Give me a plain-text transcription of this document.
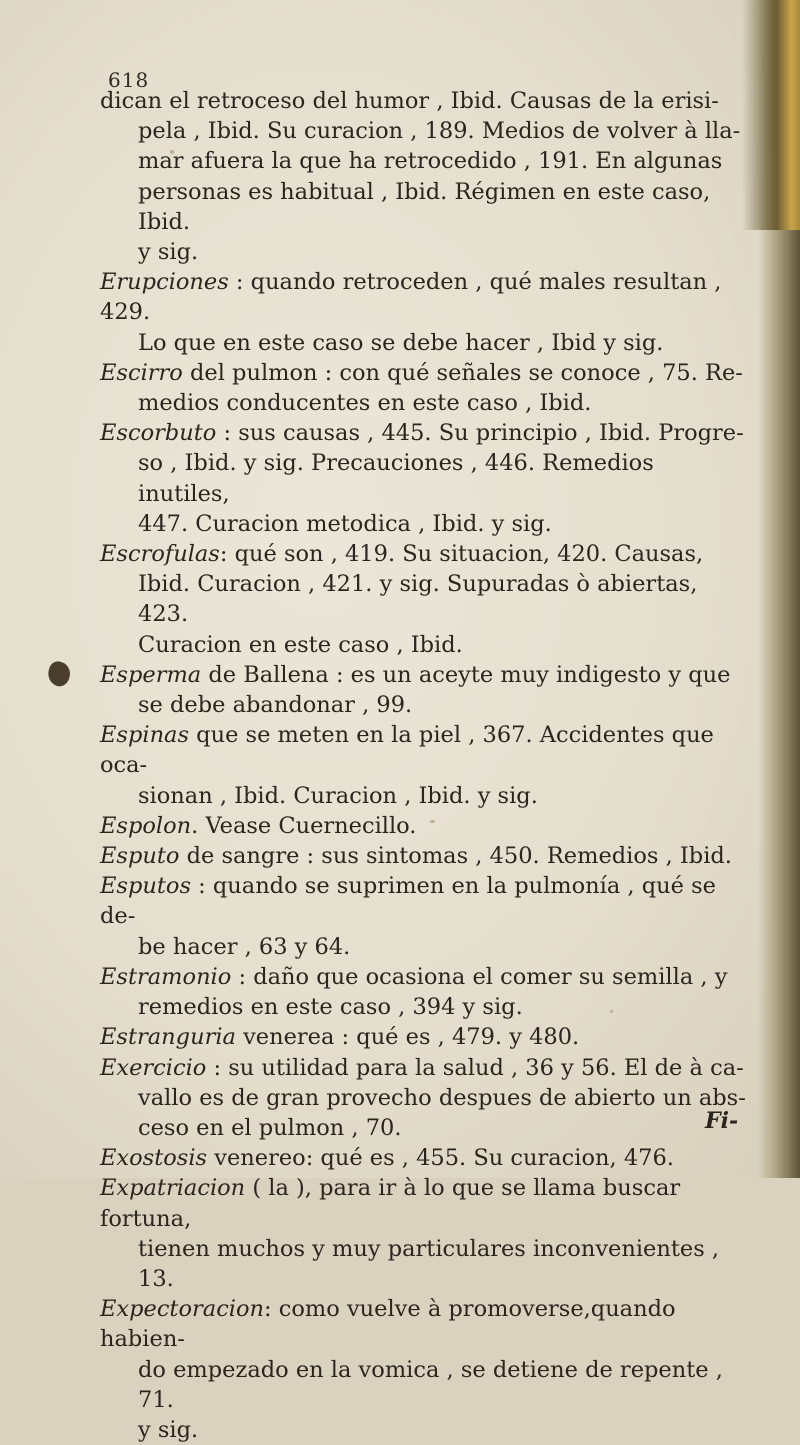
618

dican el retroceso del humor , Ibid. Causas de la erisi-

pela , Ibid. Su curacion , 189. Medios de volver à lla-

mar afuera la que ha retrocedido , 191. En algunas

personas es habitual , Ibid. Régimen en este caso, Ibid.

y sig.

Erupciones : quando retroceden , qué males resultan , 429.

Lo que en este caso se debe hacer , Ibid y sig.

Escirro del pulmon : con qué señales se conoce , 75. Re-

medios conducentes en este caso , Ibid.

Escorbuto : sus causas , 445. Su principio , Ibid. Progre-

so , Ibid. y sig. Precauciones , 446. Remedios inutiles,

447. Curacion metodica , Ibid. y sig.

Escrofulas: qué son , 419. Su situacion, 420. Causas,

Ibid. Curacion , 421. y sig. Supuradas ò abiertas, 423.

Curacion en este caso , Ibid.

Esperma de Ballena : es un aceyte muy indigesto y que

se debe abandonar , 99.

Espinas que se meten en la piel , 367. Accidentes que oca-

sionan , Ibid. Curacion , Ibid. y sig.

Espolon. Vease Cuernecillo.

Esputo de sangre : sus sintomas , 450. Remedios , Ibid.

Esputos : quando se suprimen en la pulmonía , qué se de-

be hacer , 63 y 64.

Estramonio : daño que ocasiona el comer su semilla , y

remedios en este caso , 394 y sig.

Estranguria venerea : qué es , 479. y 480.

Exercicio : su utilidad para la salud , 36 y 56. El de à ca-

vallo es de gran provecho despues de abierto un abs-

ceso en el pulmon , 70.

Exostosis venereo: qué es , 455. Su curacion, 476.

Expatriacion ( la ), para ir à lo que se llama buscar fortuna,

tienen muchos y muy particulares inconvenientes , 13.

Expectoracion: como vuelve à promoverse,quando habien-

do empezado en la vomica , se detiene de repente , 71.

y sig.

Fi-
